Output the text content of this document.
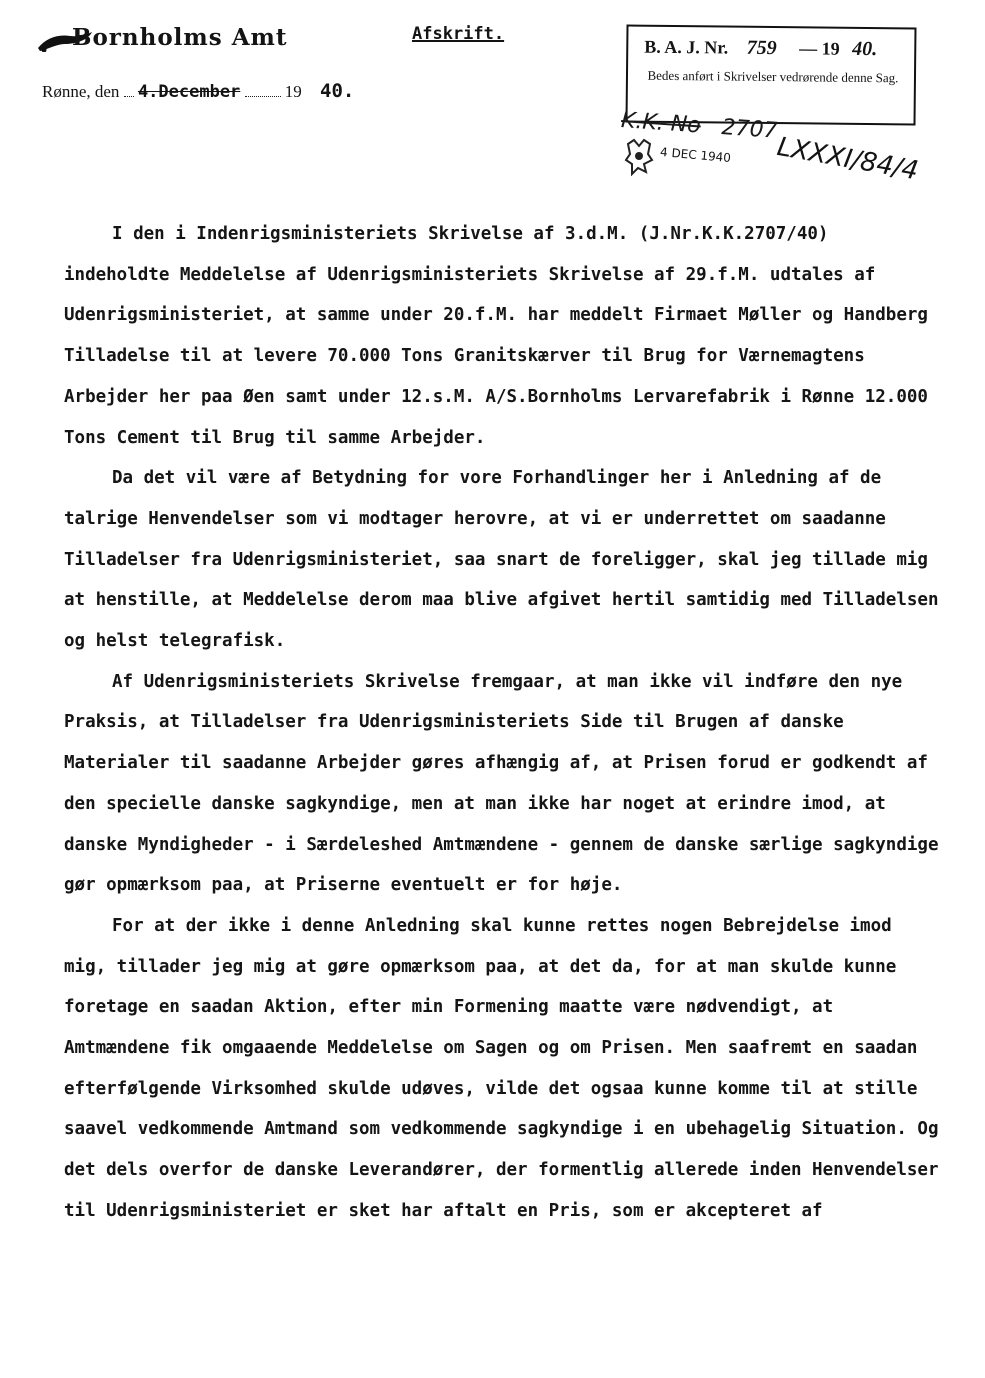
Bornholms Amt
Rønne, den 4.December	19 40.
Afskrift.
B. A. J. Nr. 759 — 19 40.
Bedes anført i Skrivelser vedrørende denne Sag.
K.K. No 2707
4 DEC 1940 LXXXI/84/4

I den i Indenrigsministeriets Skrivelse af 3.d.M. (J.Nr.K.K.2707/40) indeholdte Meddelelse af Udenrigsministeriets Skrivelse af 29.f.M. udtales af Udenrigsministeriet, at samme under 20.f.M. har meddelt Firmaet Møller og Handberg Tilladelse til at levere 70.000 Tons Granitskærver til Brug for Værnemagtens Arbejder her paa Øen samt under 12.s.M. A/S.Bornholms Lervarefabrik i Rønne 12.000 Tons Cement til Brug til samme Arbejder.

Da det vil være af Betydning for vore Forhandlinger her i Anledning af de talrige Henvendelser som vi modtager herovre, at vi er underrettet om saadanne Tilladelser fra Udenrigsministeriet, saa snart de foreligger, skal jeg tillade mig at henstille, at Meddelelse derom maa blive afgivet hertil samtidig med Tilladelsen og helst telegrafisk.

Af Udenrigsministeriets Skrivelse fremgaar, at man ikke vil indføre den nye Praksis, at Tilladelser fra Udenrigsministeriets Side til Brugen af danske Materialer til saadanne Arbejder gøres afhængig af, at Prisen forud er godkendt af den specielle danske sagkyndige, men at man ikke har noget at erindre imod, at danske Myndigheder - i Særdeleshed Amtmændene - gennem de danske særlige sagkyndige gør opmærksom paa, at Priserne eventuelt er for høje.

For at der ikke i denne Anledning skal kunne rettes nogen Bebrejdelse imod mig, tillader jeg mig at gøre opmærksom paa, at det da, for at man skulde kunne foretage en saadan Aktion, efter min Formening maatte være nødvendigt, at Amtmændene fik omgaaende Meddelelse om Sagen og om Prisen. Men saafremt en saadan efterfølgende Virksomhed skulde udøves, vilde det ogsaa kunne komme til at stille saavel vedkommende Amtmand som vedkommende sagkyndige i en ubehagelig Situation. Og det dels overfor de danske Leverandører, der formentlig allerede inden Henvendelser til Udenrigsministeriet er sket har aftalt en Pris, som er akcepteret af
